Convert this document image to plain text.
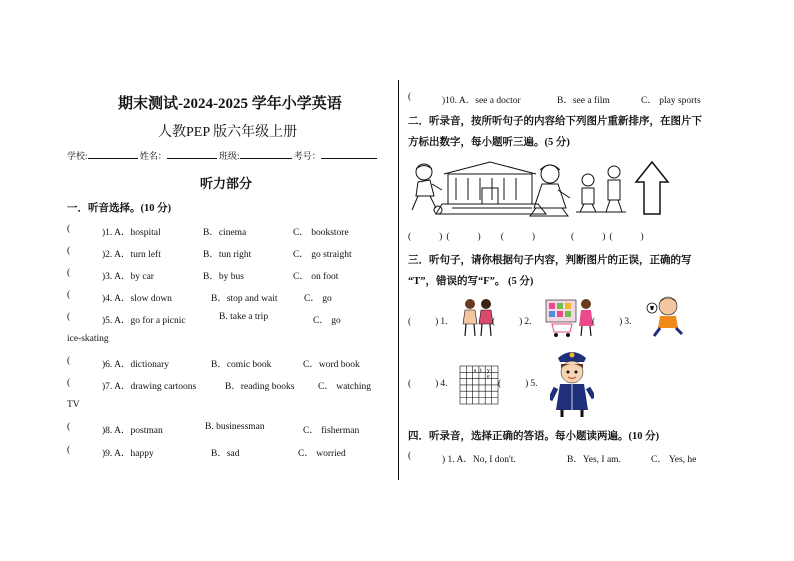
期末测试-2024-2025 学年小学英语
人教PEP 版六年级上册
学校:	姓名：	班级:	考号：
听力部分
一．听音选择。(10 分)
(	)1. A．hospital	B．cinema	C． bookstore
(	)2. A．turn left	B．tun right	C． go straight
(	)3. A．by car	B．by bus	C． on foot
(	)4. A．slow down	B．stop and wait	C． go
(	)5. A．go for a picnic	B. take a trip	C． go
ice-skating
(	)6. A．dictionary	B．comic book	C．word book
(	)7. A．drawing cartoons	B．reading books C． watching
TV
(	)8. A．postman	B. businessman	C． fisherman
(	)9. A．happy	B．sad	C． worried
(	)10. A．see a doctor	B．see a film	C． play sports
二．听录音，按所听句子的内容给下列图片重新排序，在图片下
方标出数字，每小题听三遍。(5 分)
(	) (	) (	)	(	) (	)
三．听句子，请你根据句子内容，判断图片的正误，正确的写
“T”，错误的写“F”。 (5 分)
(	) 1.	(	) 2.	(	) 3.
(	) 4.
s t y
e
(	) 5.
四．听录音，选择正确的答语。每小题读两遍。(10 分)
(	) 1. A．No, I don't.	B．Yes, I am.	C． Yes, he
